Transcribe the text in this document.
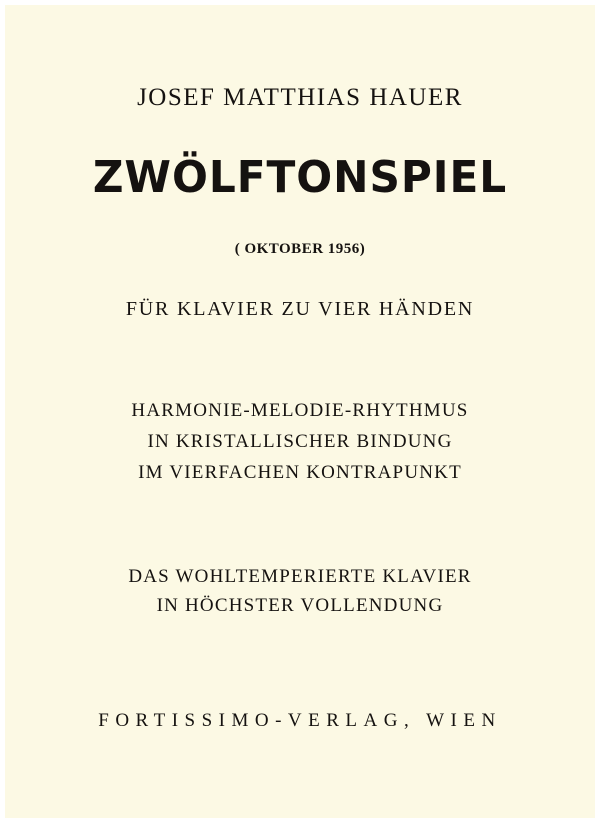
JOSEF MATTHIAS HAUER
ZWÖLFTONSPIEL
( OKTOBER 1956)
FÜR KLAVIER ZU VIER HÄNDEN
HARMONIE-MELODIE-RHYTHMUS
IN KRISTALLISCHER BINDUNG
IM VIERFACHEN KONTRAPUNKT
DAS WOHLTEMPERIERTE KLAVIER
IN HÖCHSTER VOLLENDUNG
FORTISSIMO-VERLAG, WIEN
